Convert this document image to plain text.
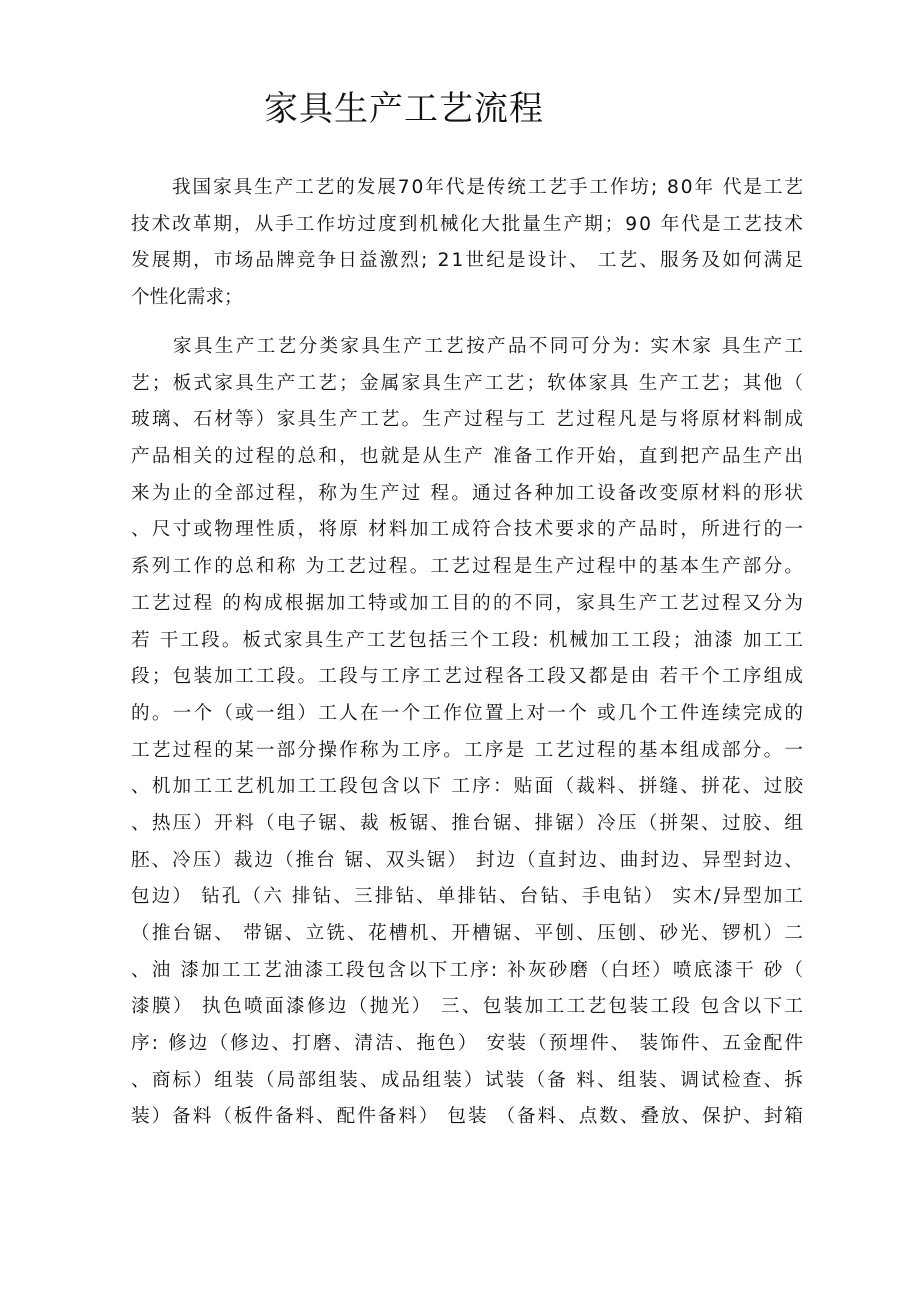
家具生产工艺流程
　　我国家具生产工艺的发展70年代是传统工艺手工作坊; 80年 代是工艺
技术改革期，从手工作坊过度到机械化大批量生产期；90 年代是工艺技术
发展期，市场品牌竞争日益激烈; 21世纪是设计、 工艺、服务及如何满足
个性化需求；
　　家具生产工艺分类家具生产工艺按产品不同可分为: 实木家 具生产工
艺；板式家具生产工艺；金属家具生产工艺；软体家具 生产工艺；其他（
玻璃、石材等）家具生产工艺。生产过程与工 艺过程凡是与将原材料制成
产品相关的过程的总和，也就是从生产 准备工作开始，直到把产品生产出
来为止的全部过程，称为生产过 程。通过各种加工设备改变原材料的形状
、尺寸或物理性质，将原 材料加工成符合技术要求的产品时，所进行的一
系列工作的总和称 为工艺过程。工艺过程是生产过程中的基本生产部分。
工艺过程 的构成根据加工特或加工目的的不同，家具生产工艺过程又分为
若 干工段。板式家具生产工艺包括三个工段: 机械加工工段；油漆 加工工
段；包装加工工段。工段与工序工艺过程各工段又都是由 若干个工序组成
的。一个（或一组）工人在一个工作位置上对一个 或几个工件连续完成的
工艺过程的某一部分操作称为工序。工序是 工艺过程的基本组成部分。一
、机加工工艺机加工工段包含以下 工序：贴面（裁料、拼缝、拼花、过胶
、热压）开料（电子锯、裁 板锯、推台锯、排锯）冷压（拼架、过胶、组
胚、冷压）裁边（推台 锯、双头锯） 封边（直封边、曲封边、异型封边、
包边） 钻孔（六 排钻、三排钻、单排钻、台钻、手电钻） 实木/异型加工
（推台锯、 带锯、立铣、花槽机、开槽锯、平刨、压刨、砂光、锣机）二
、油 漆加工工艺油漆工段包含以下工序: 补灰砂磨（白坯）喷底漆干 砂（
漆膜） 执色喷面漆修边（抛光） 三、包装加工工艺包装工段 包含以下工
序: 修边（修边、打磨、清洁、拖色） 安装（预埋件、 装饰件、五金配件
、商标）组装（局部组装、成品组装）试装（备 料、组装、调试检查、拆
装）备料（板件备料、配件备料） 包装 （备料、点数、叠放、保护、封箱
